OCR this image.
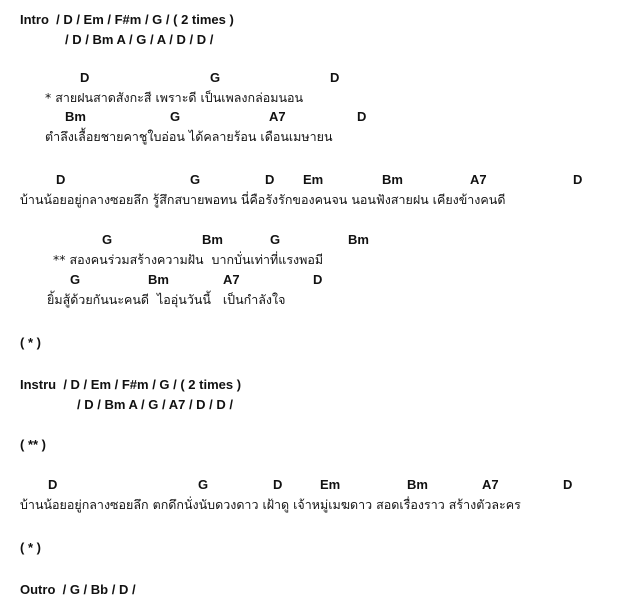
Intro  / D / Em / F#m / G / ( 2 times )
/ D / Bm A / G / A / D / D /
D	G	D
* สายฝนสาดสังกะสี เพราะดี เป็นเพลงกล่อมนอน
Bm	G	A7	D
ตำลึงเลื้อยชายคาชูใบอ่อน ได้คลายร้อน เดือนเมษายน
D	G	D Em	Bm	A7	D
บ้านน้อยอยู่กลางซอยลึก รู้สึกสบายพอทน นี่คือรังรักของคนจน นอนฟังสายฝน เคียงข้างคนดี
G	Bm	G	Bm
** สองคนร่วมสร้างความฝัน  บากบั่นเท่าที่แรงพอมี
G	Bm	A7	D
ยิ้มสู้ด้วยกันนะคนดี  ไออุ่นวันนี้   เป็นกำลังใจ
( * )
Instru  / D / Em / F#m / G / ( 2 times )
/ D / Bm A / G / A7 / D / D /
( ** )
D	G	D	Em	Bm	A7	D
บ้านน้อยอยู่กลางซอยลึก ตกดึกนั่งนับดวงดาว เฝ้าดู เจ้าหมู่เมฆดาว สอดเรื่องราว สร้างตัวละคร
( * )
Outro  / G / Bb / D /
